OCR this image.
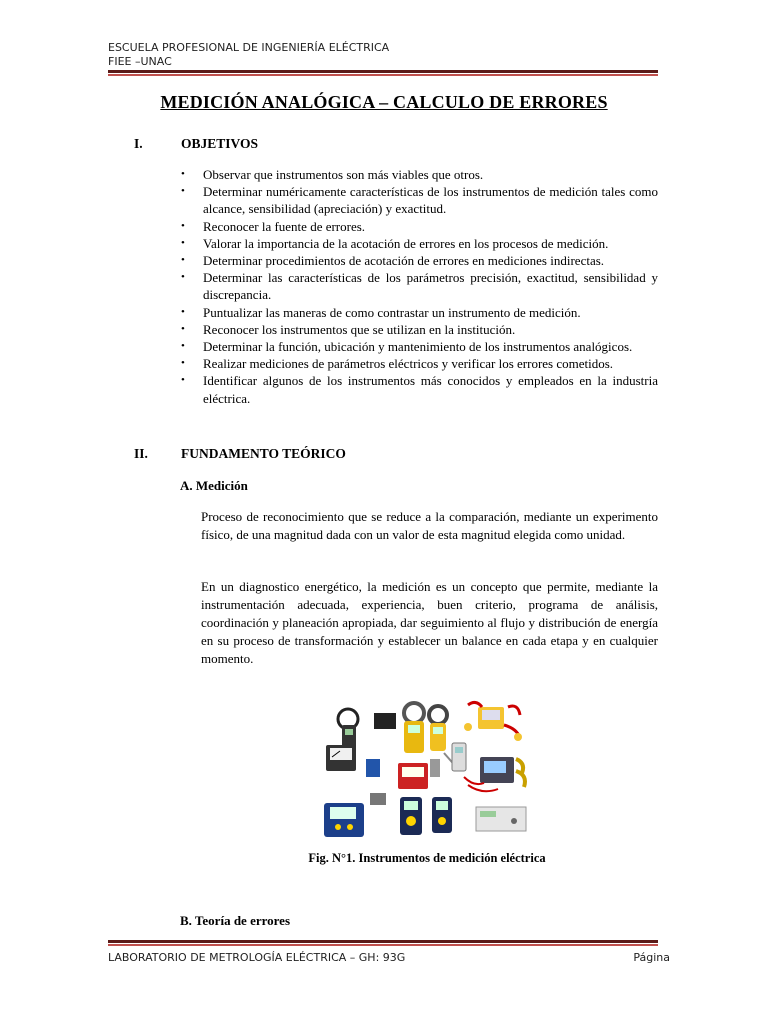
ESCUELA PROFESIONAL DE INGENIERÍA ELÉCTRICA
FIEE –UNAC
MEDICIÓN ANALÓGICA – CALCULO DE ERRORES
I.	OBJETIVOS
• Observar que instrumentos son más viables que otros.
• Determinar numéricamente características de los instrumentos de medición tales como alcance, sensibilidad (apreciación) y exactitud.
• Reconocer la fuente de errores.
• Valorar la importancia de la acotación de errores en los procesos de medición.
• Determinar procedimientos de acotación de errores en mediciones indirectas.
• Determinar las características de los parámetros precisión, exactitud, sensibilidad y discrepancia.
• Puntualizar las maneras de como contrastar un instrumento de medición.
• Reconocer los instrumentos que se utilizan en la institución.
• Determinar la función, ubicación y mantenimiento de los instrumentos analógicos.
• Realizar mediciones de parámetros eléctricos y verificar los errores cometidos.
• Identificar algunos de los instrumentos más conocidos y empleados en la industria eléctrica.
II. FUNDAMENTO TEÓRICO
A. Medición
Proceso de reconocimiento que se reduce a la comparación, mediante un experimento físico, de una magnitud dada con un valor de esta magnitud elegida como unidad.
En un diagnostico energético, la medición es un concepto que permite, mediante la instrumentación adecuada, experiencia, buen criterio, programa de análisis, coordinación y planeación apropiada, dar seguimiento al flujo y distribución de energía en su proceso de transformación y establecer un balance en cada etapa y en cualquier momento.
Fig. N°1. Instrumentos de medición eléctrica
B. Teoría de errores
LABORATORIO DE METROLOGÍA ELÉCTRICA – GH: 93G	Página
